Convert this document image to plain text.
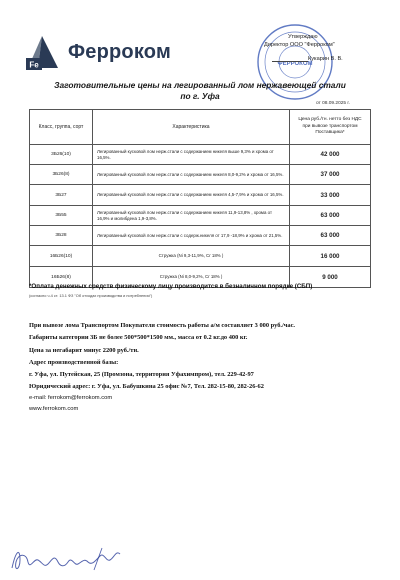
Fe
Ферроком
ФЕРРОКОМ
Утверждаю
Директор ООО "Ферроком"
Кукарин В. В.
Заготовительные цены на легированный лом нержавеющей стали
по г. Уфа
от 08.09.2025 г.
Класс, группа, сорт	Характеристика	Цена руб./тн. нетто без НДС при вывозе транспортом Поставщика*
3Б26(10)	Легированный кусковой лом нерж.стали с содержанием никеля выше 9,3% и хрома от 16,5%.	42 000
3Б26(8)	Легированный кусковой лом нерж.стали с содержанием никеля 8,0-9,2% и хрома от 16,5%.	37 000
3Б27	Легированный кусковой лом нерж.стали с содержанием никеля 4,5-7,9% и хрома от 16,5%.	33 000
3Б55	Легированный кусковой лом нерж.стали с содержанием никеля 11,9-13,8% , хрома от 16,9% и молибдена 1,9-3,8%.	63 000
3Б28	Легированный кусковой лом нерж.стали с содерж.никеля от 17,9 -18,9% и хрома от 21,5%.	63 000
16Б26(10)	Стружка (Ni 9,3-11,9%, Cr 18% )	16 000
16Б26(8)	Стружка (Ni 8,0-9,2%, Cr 18% )	9 000
*Оплата денежных средств физическому лицу производится в безналичном порядке (СБП)
(согласно ч.4 ст. 13.1 ФЗ "Об отходах производства и потребления")
При вывозе лома Транспортом Покупателя стоимость работы а/м составляет 3 000 руб./час.
Габариты категории 3Б не более 500*500*1500 мм., масса от 0.2 кг.до 400 кг.
Цена за негабарит минус 2200 руб./тн.
Адрес производственной базы:
г. Уфа, ул. Путейская, 25 (Промзона, территория Уфахимпром), тел. 229-42-97
Юридический адрес: г. Уфа, ул. Бабушкина 25 офис №7, Тел. 282-15-80, 282-26-62
e-mail: ferrokom@ferrokom.com
www.ferrokom.com
